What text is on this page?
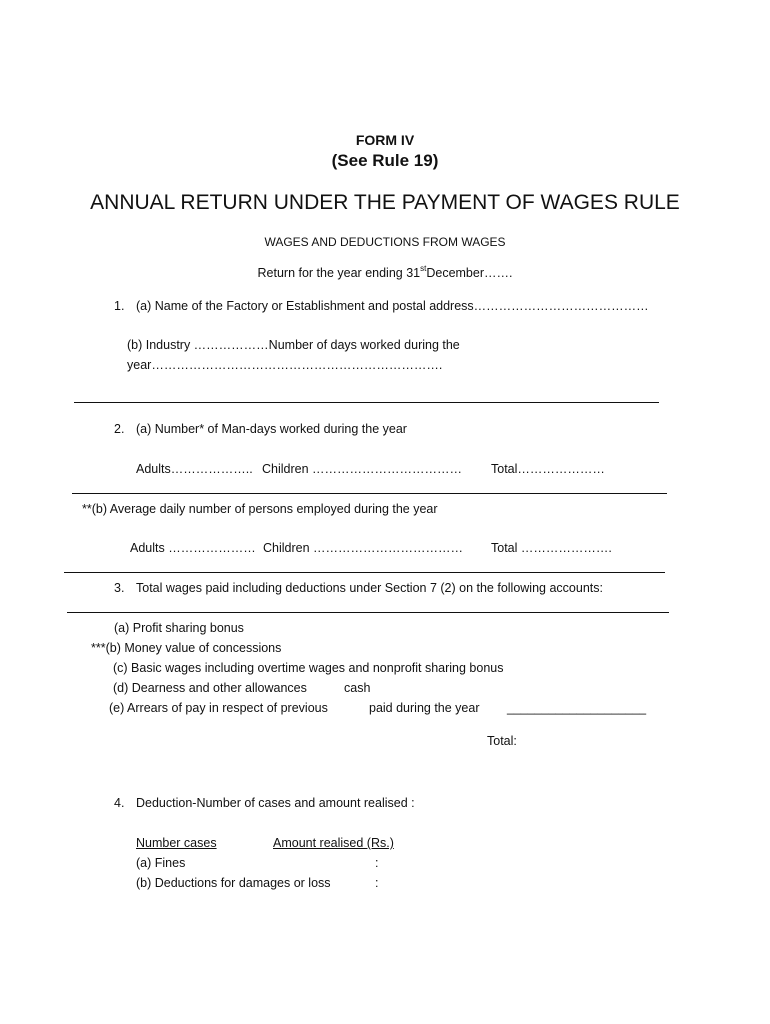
FORM IV
(See Rule 19)
ANNUAL RETURN UNDER THE PAYMENT OF WAGES RULE
WAGES AND DEDUCTIONS FROM WAGES
Return for the year ending 31stDecember…….
1. (a) Name of the Factory or Establishment and postal address……………………………………
(b) Industry ………………Number of days worked during the
year…………………………………………………………….
2. (a) Number* of Man-days worked during the year
Adults……………….. Children ……………………………… Total…………………
**(b) Average daily number of persons employed during the year
Adults ………………… Children ……………………………… Total ………………….
3. Total wages paid including deductions under Section 7 (2) on the following accounts:
(a) Profit sharing bonus
***(b) Money value of concessions
(c) Basic wages including overtime wages and nonprofit sharing bonus
(d) Dearness and other allowances	cash
(e) Arrears of pay in respect of previous	paid during the year ____________________
Total:
4. Deduction-Number of cases and amount realised :
Number cases	Amount realised (Rs.)
(a) Fines	:
(b) Deductions for damages or loss	:
